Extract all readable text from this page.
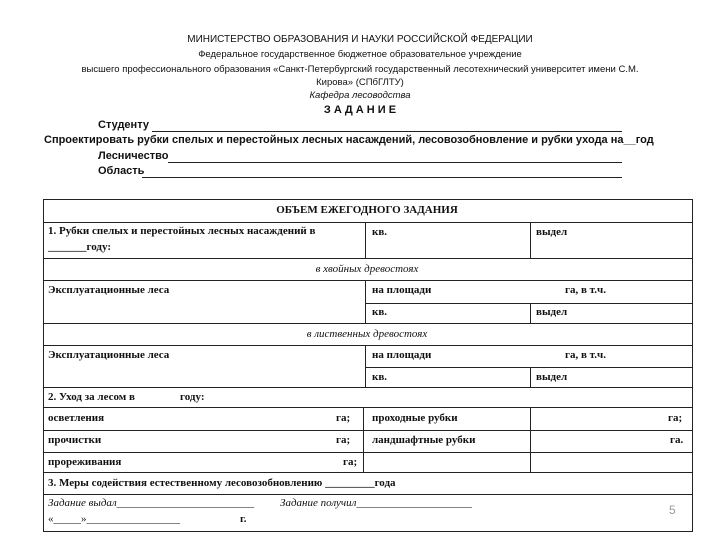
МИНИСТЕРСТВО ОБРАЗОВАНИЯ И НАУКИ РОССИЙСКОЙ ФЕДЕРАЦИИ
Федеральное государственное бюджетное образовательное учреждение
высшего профессионального образования «Санкт-Петербургский государственный лесотехнический университет имени С.М.
Кирова» (СПбГЛТУ)
Кафедра лесоводства
З А Д А Н И Е
Студенту
Спроектировать рубки спелых и перестойных лесных насаждений, лесовозобновление и рубки ухода на__год
Лесничество
Область
ОБЪЕМ ЕЖЕГОДНОГО ЗАДАНИЯ
1. Рубки спелых и перестойных лесных насаждений в
_______году:
кв.	выдел
в хвойных древостоях
Эксплуатационные леса	на площади	га, в т.ч.
кв.	выдел
в лиственных древостоях
Эксплуатационные леса	на площади	га, в т.ч.
кв.	выдел
2. Уход за лесом в	году:
осветления	га; проходные рубки	га;
прочистки	га; ландшафтные рубки	га.
прореживания	га;
3. Меры содействия естественному лесовозобновлению _________года
Задание выдал_________________________ Задание получил_____________________
«_____»_________________	г.
5
